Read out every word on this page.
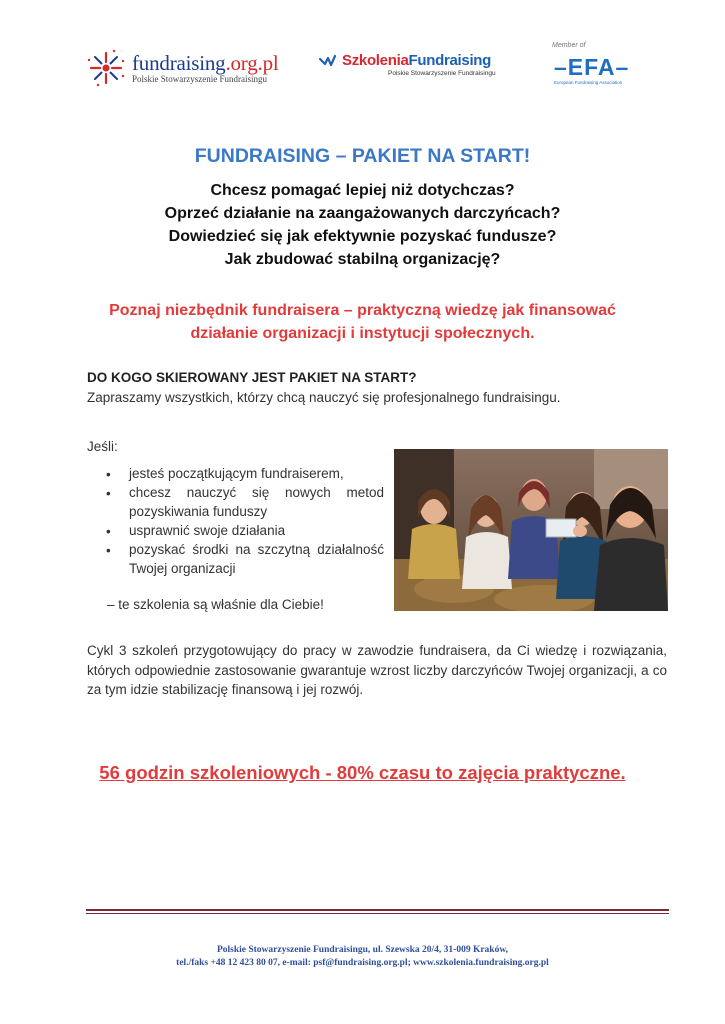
fundraising.org.pl
Polskie Stowarzyszenie Fundraisingu
SzkoleniaFundraising
Polskie Stowarzyszenie Fundraisingu
Member of
–EFA–
European Fundraising Association
FUNDRAISING – PAKIET NA START!
Chcesz pomagać lepiej niż dotychczas?
Oprzeć działanie na zaangażowanych darczyńcach?
Dowiedzieć się jak efektywnie pozyskać fundusze?
Jak zbudować stabilną organizację?
Poznaj niezbędnik fundraisera – praktyczną wiedzę jak finansować
działanie organizacji i instytucji społecznych.
DO KOGO SKIEROWANY JEST PAKIET NA START?
Zapraszamy wszystkich, którzy chcą nauczyć się profesjonalnego fundraisingu.
Jeśli:
• jesteś początkującym fundraiserem,
• chcesz nauczyć się nowych metod pozyskiwania funduszy
• usprawnić swoje działania
• pozyskać środki na szczytną działalność Twojej organizacji
– te szkolenia są właśnie dla Ciebie!
Cykl 3 szkoleń przygotowujący do pracy w zawodzie fundraisera, da Ci wiedzę i rozwiązania, których odpowiednie zastosowanie gwarantuje wzrost liczby darczyńców Twojej organizacji, a co za tym idzie stabilizację finansową i jej rozwój.
56 godzin szkoleniowych - 80% czasu to zajęcia praktyczne.
Polskie Stowarzyszenie Fundraisingu, ul. Szewska 20/4, 31-009 Kraków,
tel./faks +48 12 423 80 07, e-mail: psf@fundraising.org.pl; www.szkolenia.fundraising.org.pl
